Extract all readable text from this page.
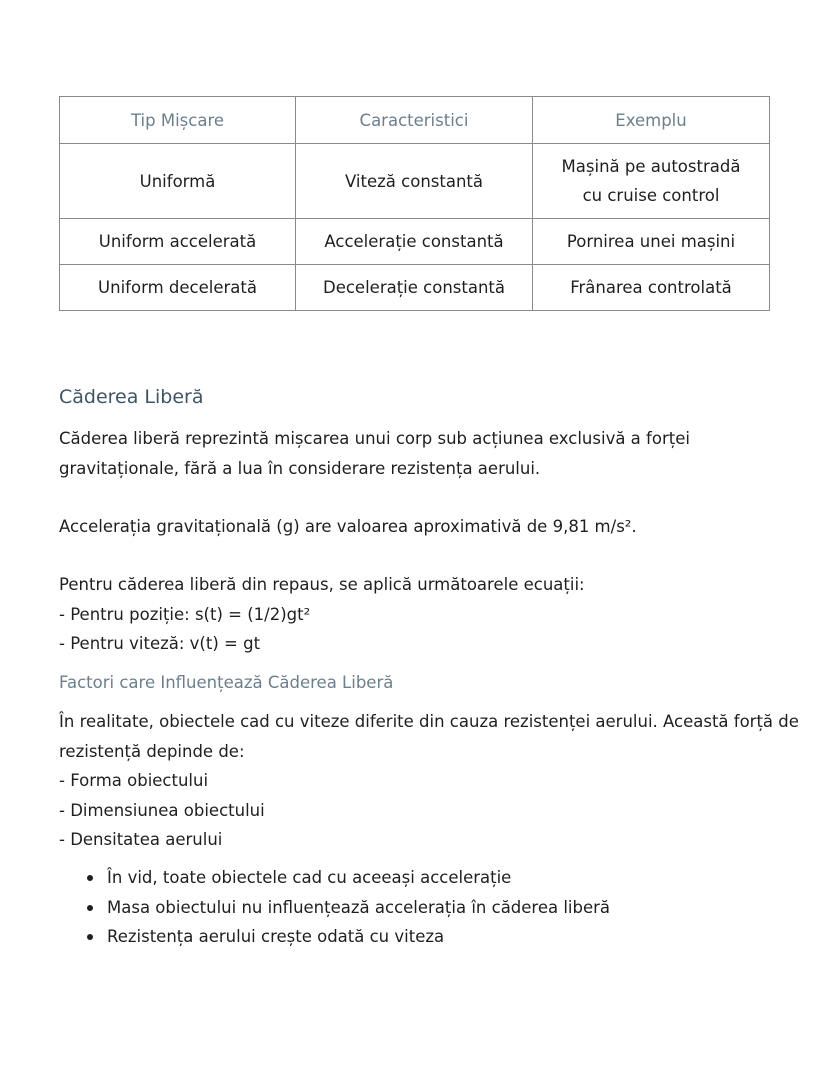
Tip Mișcare	Caracteristici	Exemplu
Uniformă	Viteză constantă	Mașină pe autostradă cu cruise control
Uniform accelerată	Accelerație constantă	Pornirea unei mașini
Uniform decelerată	Decelerație constantă	Frânarea controlată
Căderea Liberă
Căderea liberă reprezintă mișcarea unui corp sub acțiunea exclusivă a forței
gravitaționale, fără a lua în considerare rezistența aerului.
Accelerația gravitațională (g) are valoarea aproximativă de 9,81 m/s².
Pentru căderea liberă din repaus, se aplică următoarele ecuații:
- Pentru poziție: s(t) = (1/2)gt²
- Pentru viteză: v(t) = gt
Factori care Influențează Căderea Liberă
În realitate, obiectele cad cu viteze diferite din cauza rezistenței aerului. Această forță de
rezistență depinde de:
- Forma obiectului
- Dimensiunea obiectului
- Densitatea aerului
În vid, toate obiectele cad cu aceeași accelerație
Masa obiectului nu influențează accelerația în căderea liberă
Rezistența aerului crește odată cu viteza
